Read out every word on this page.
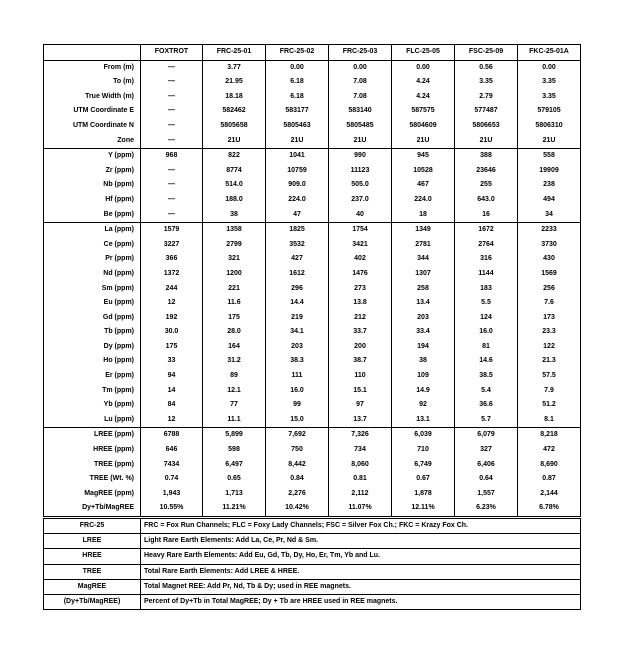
	FOXTROT	FRC-25-01	FRC-25-02	FRC-25-03	FLC-25-05	FSC-25-09	FKC-25-01A
From (m)	—	3.77	0.00	0.00	0.00	0.56	0.00
To (m)	—	21.95	6.18	7.08	4.24	3.35	3.35
True Width (m)	—	18.18	6.18	7.08	4.24	2.79	3.35
UTM Coordinate E	—	582462	583177	583140	587575	577487	579105
UTM Coordinate N	—	5805658	5805463	5805485	5804609	5806653	5806310
Zone	—	21U	21U	21U	21U	21U	21U
Y (ppm)	968	822	1041	990	945	388	558
Zr (ppm)	—	8774	10759	11123	10528	23646	19909
Nb (ppm)	—	514.0	909.0	505.0	467	255	238
Hf (ppm)	—	188.0	224.0	237.0	224.0	643.0	494
Be (ppm)	—	38	47	40	18	16	34
La (ppm)	1579	1358	1825	1754	1349	1672	2233
Ce (ppm)	3227	2799	3532	3421	2781	2764	3730
Pr (ppm)	366	321	427	402	344	316	430
Nd (ppm)	1372	1200	1612	1476	1307	1144	1569
Sm (ppm)	244	221	296	273	258	183	256
Eu (ppm)	12	11.6	14.4	13.8	13.4	5.5	7.6
Gd (ppm)	192	175	219	212	203	124	173
Tb (ppm)	30.0	28.0	34.1	33.7	33.4	16.0	23.3
Dy (ppm)	175	164	203	200	194	81	122
Ho (ppm)	33	31.2	38.3	38.7	38	14.6	21.3
Er (ppm)	94	89	111	110	109	38.5	57.5
Tm (ppm)	14	12.1	16.0	15.1	14.9	5.4	7.9
Yb (ppm)	84	77	99	97	92	36.6	51.2
Lu (ppm)	12	11.1	15.0	13.7	13.1	5.7	8.1
LREE (ppm)	6788	5,899	7,692	7,326	6,039	6,079	8,218
HREE (ppm)	646	598	750	734	710	327	472
TREE (ppm)	7434	6,497	8,442	8,060	6,749	6,406	8,690
TREE (Wt. %)	0.74	0.65	0.84	0.81	0.67	0.64	0.87
MagREE (ppm)	1,943	1,713	2,276	2,112	1,878	1,557	2,144
Dy+Tb/MagREE	10.55%	11.21%	10.42%	11.07%	12.11%	6.23%	6.78%
FRC-25	FRC = Fox Run Channels; FLC = Foxy Lady Channels; FSC = Silver Fox Ch.; FKC = Krazy Fox Ch.
LREE	Light Rare Earth Elements: Add La, Ce, Pr, Nd & Sm.
HREE	Heavy Rare Earth Elements: Add Eu, Gd, Tb, Dy, Ho, Er, Tm, Yb and Lu.
TREE	Total Rare Earth Elements: Add LREE & HREE.
MagREE	Total Magnet REE: Add Pr, Nd, Tb & Dy; used in REE magnets.
(Dy+Tb/MagREE)	Percent of Dy+Tb in Total MagREE; Dy + Tb are HREE used in REE magnets.
